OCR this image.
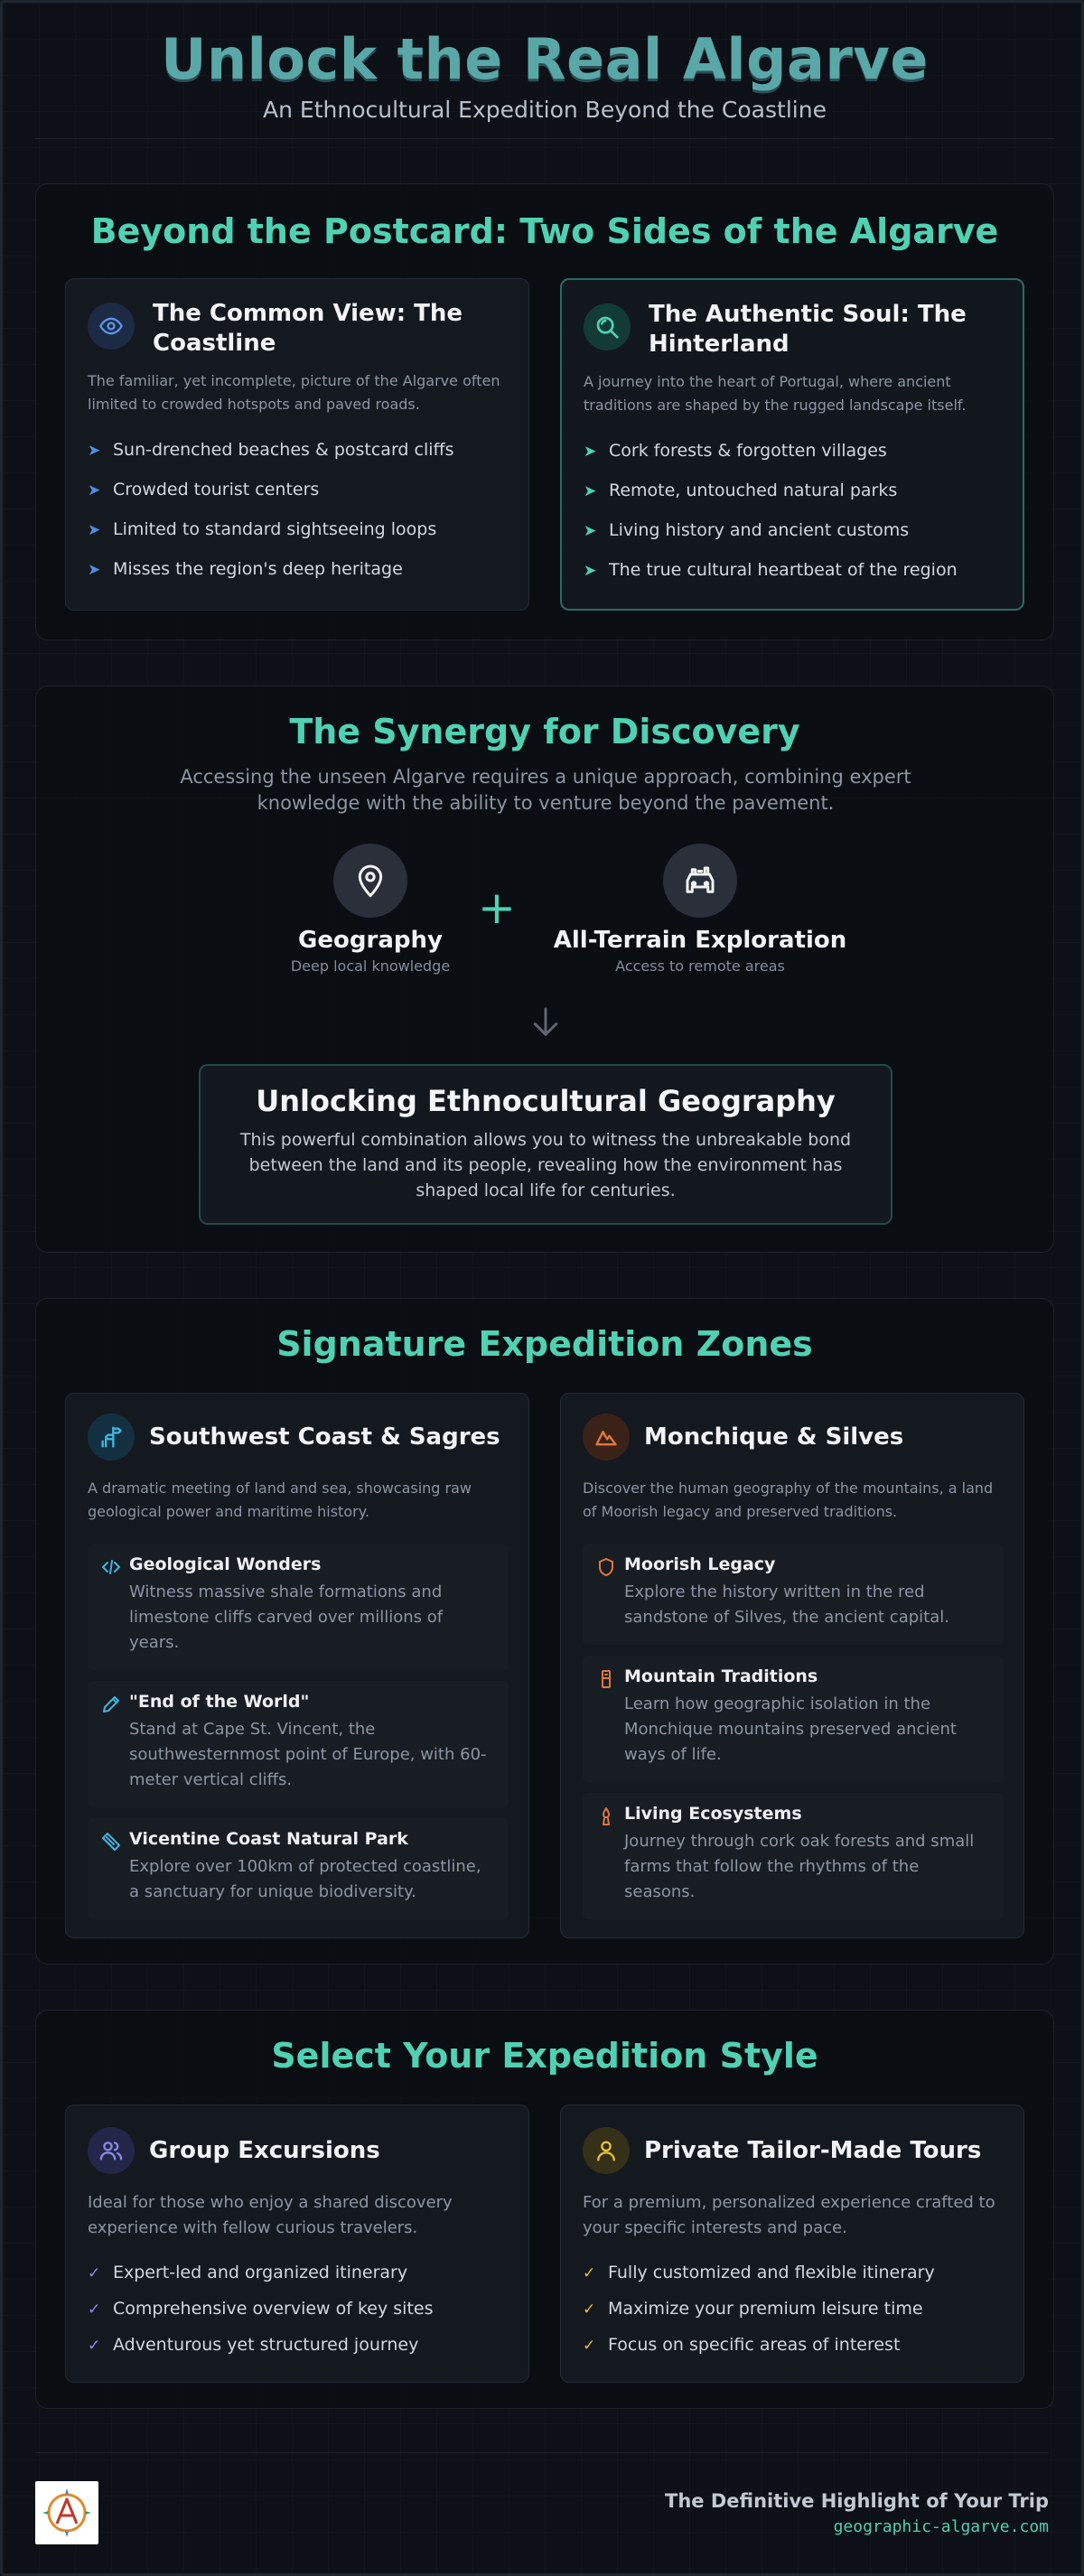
Unlock the Real Algarve
An Ethnocultural Expedition Beyond the Coastline
Beyond the Postcard: Two Sides of the Algarve
The Common View: The
Coastline
The familiar, yet incomplete, picture of the Algarve often limited to crowded hotspots and paved roads.
➤ Sun-drenched beaches & postcard cliffs
➤ Crowded tourist centers
➤ Limited to standard sightseeing loops
➤ Misses the region's deep heritage
The Authentic Soul: The
Hinterland
A journey into the heart of Portugal, where ancient traditions are shaped by the rugged landscape itself.
➤ Cork forests & forgotten villages
➤ Remote, untouched natural parks
➤ Living history and ancient customs
➤ The true cultural heartbeat of the region
The Synergy for Discovery
Accessing the unseen Algarve requires a unique approach, combining expert knowledge with the ability to venture beyond the pavement.
Geography
Deep local knowledge
+
All-Terrain Exploration
Access to remote areas
Unlocking Ethnocultural Geography
This powerful combination allows you to witness the unbreakable bond between the land and its people, revealing how the environment has shaped local life for centuries.
Signature Expedition Zones
Southwest Coast & Sagres
A dramatic meeting of land and sea, showcasing raw geological power and maritime history.
Geological Wonders
Witness massive shale formations and limestone cliffs carved over millions of years.
"End of the World"
Stand at Cape St. Vincent, the southwesternmost point of Europe, with 60-meter vertical cliffs.
Vicentine Coast Natural Park
Explore over 100km of protected coastline, a sanctuary for unique biodiversity.
Monchique & Silves
Discover the human geography of the mountains, a land of Moorish legacy and preserved traditions.
Moorish Legacy
Explore the history written in the red sandstone of Silves, the ancient capital.
Mountain Traditions
Learn how geographic isolation in the Monchique mountains preserved ancient ways of life.
Living Ecosystems
Journey through cork oak forests and small farms that follow the rhythms of the seasons.
Select Your Expedition Style
Group Excursions
Ideal for those who enjoy a shared discovery experience with fellow curious travelers.
✓ Expert-led and organized itinerary
✓ Comprehensive overview of key sites
✓ Adventurous yet structured journey
Private Tailor-Made Tours
For a premium, personalized experience crafted to your specific interests and pace.
✓ Fully customized and flexible itinerary
✓ Maximize your premium leisure time
✓ Focus on specific areas of interest
The Definitive Highlight of Your Trip
geographic-algarve.com
